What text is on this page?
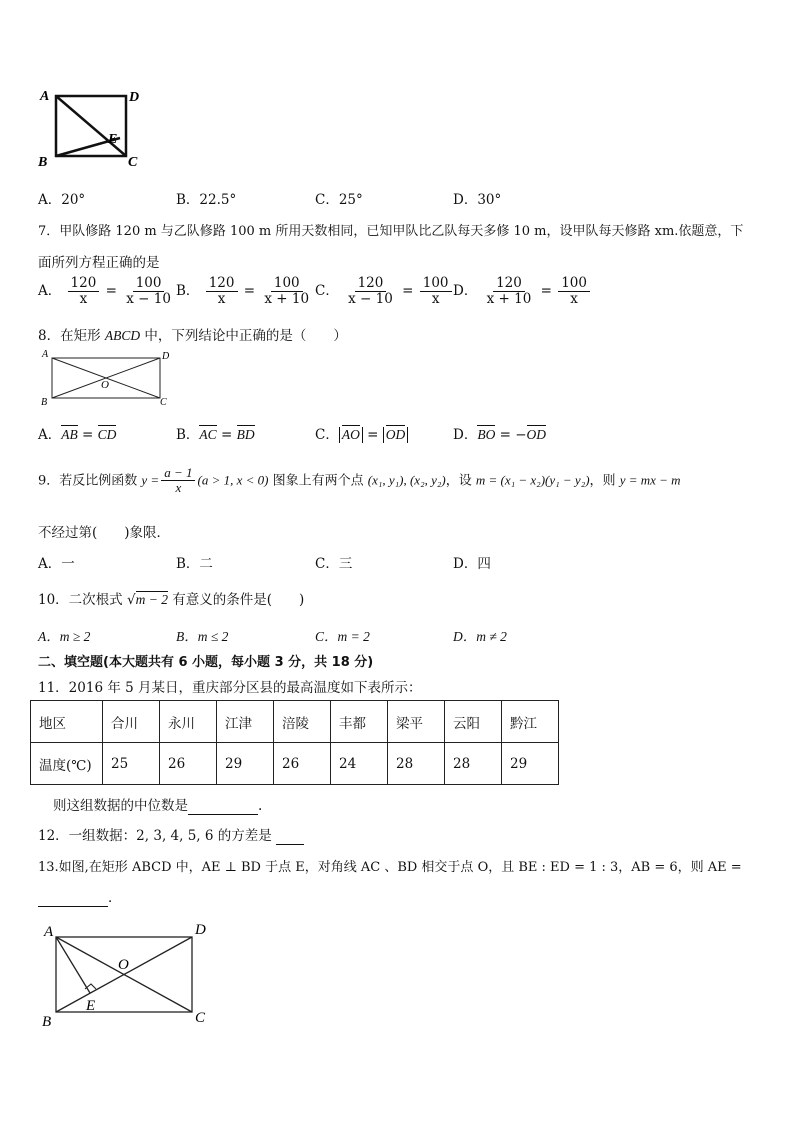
A	D
B	C
E
A．20°	B．22.5°	C．25°	D．30°
7．甲队修路 120 m 与乙队修路 100 m 所用天数相同，已知甲队比乙队每天多修 10 m，设甲队每天修路 xm.依题意，下
面所列方程正确的是
A． $\frac{120}{x} = \frac{100}{x - 10}$ B． $\frac{120}{x} = \frac{100}{x + 10}$ C． $\frac{120}{x - 10} = \frac{100}{x}$ D． $\frac{120}{x + 10} = \frac{100}{x}$
8．在矩形 ABCD 中，下列结论中正确的是（　　）
A	D
B	C
O
A．AB = CD	B．AC = BD	C． AO = OD	D．BO = −OD
9．若反比例函数 $y = \frac{a - 1}{x} (a > 1$, x < 0) 图象上有两个点 (x₁, y₁), (x₂, y₂)，设 m = (x₁ − x₂)(y₁ − y₂)，则 y = mx − m
不经过第(　　)象限．
A．一	B．二	C．三	D．四
10．二次根式 √m − 2 有意义的条件是(　　)
A．m ≥ 2	B．m ≤ 2	C．m = 2	D．m ≠ 2
二、填空题(本大题共有 6 小题，每小题 3 分，共 18 分)
11．2016 年 5 月某日，重庆部分区县的最高温度如下表所示：
地区	合川	永川	江津	涪陵	丰都	梁平	云阳	黔江
温度(℃)	25	26	29	26	24	28	28	29
则这组数据的中位数是	.
12．一组数据：2, 3, 4, 5, 6 的方差是
13.如图,在矩形 ABCD 中，AE ⊥ BD 于点 E，对角线 AC 、BD 相交于点 O，且 BE : ED = 1 : 3，AB = 6，则 AE =
．
A	D
B	C
O
E
